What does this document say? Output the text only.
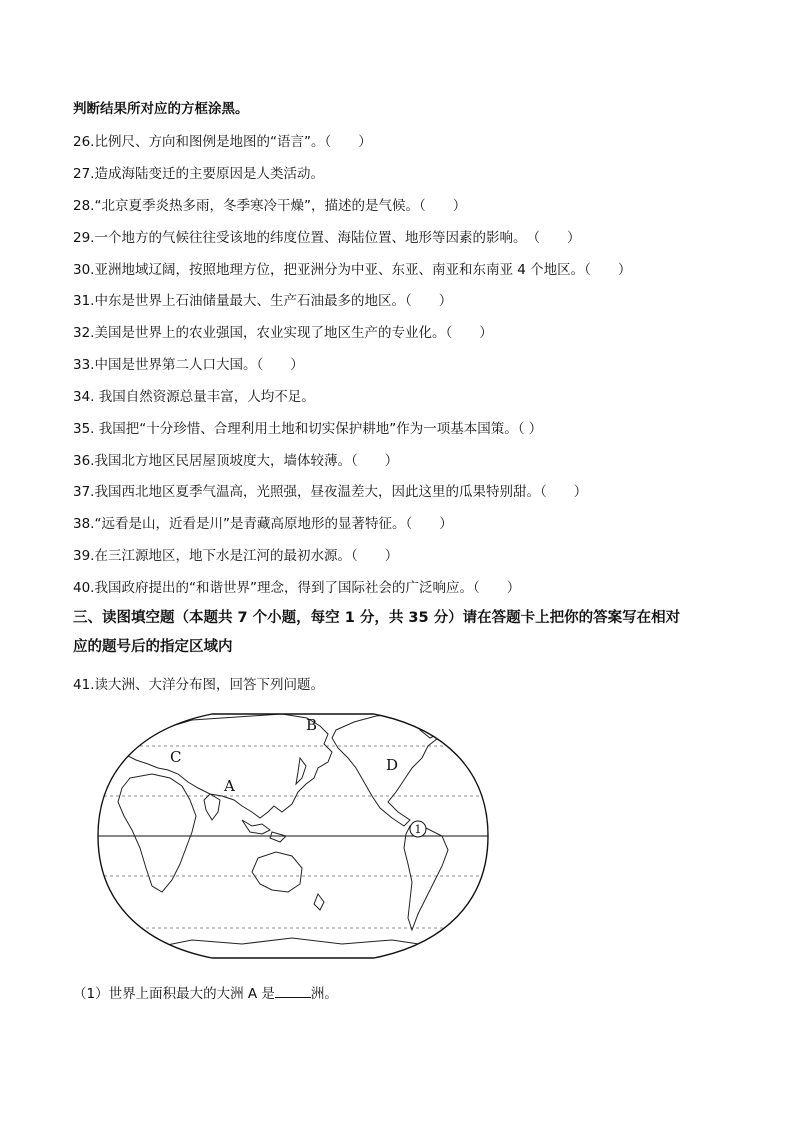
判断结果所对应的方框涂黑。
26.比例尺、方向和图例是地图的“语言”。（　　）
27.造成海陆变迁的主要原因是人类活动。
28.“北京夏季炎热多雨，冬季寒冷干燥”，描述的是气候。（　　）
29.一个地方的气候往往受该地的纬度位置、海陆位置、地形等因素的影响。　（　　）
30.亚洲地域辽阔，按照地理方位，把亚洲分为中亚、东亚、南亚和东南亚 4 个地区。（　　）
31.中东是世界上石油储量最大、生产石油最多的地区。（　　）
32.美国是世界上的农业强国，农业实现了地区生产的专业化。（　　）
33.中国是世界第二人口大国。（　　）
34. 我国自然资源总量丰富，人均不足。
35. 我国把“十分珍惜、合理利用土地和切实保护耕地”作为一项基本国策。（ ）
36.我国北方地区民居屋顶坡度大，墙体较薄。（　　）
37.我国西北地区夏季气温高，光照强，昼夜温差大，因此这里的瓜果特别甜。（　　）
38.“远看是山，近看是川”是青藏高原地形的显著特征。（　　）
39.在三江源地区，地下水是江河的最初水源。（　　）
40.我国政府提出的“和谐世界”理念，得到了国际社会的广泛响应。（　　）
三、读图填空题（本题共 7 个小题，每空 1 分，共 35 分）请在答题卡上把你的答案写在相对
应的题号后的指定区域内
41.读大洲、大洋分布图，回答下列问题。
B
C
A
D
1
（1）世界上面积最大的大洲 A 是	洲。
